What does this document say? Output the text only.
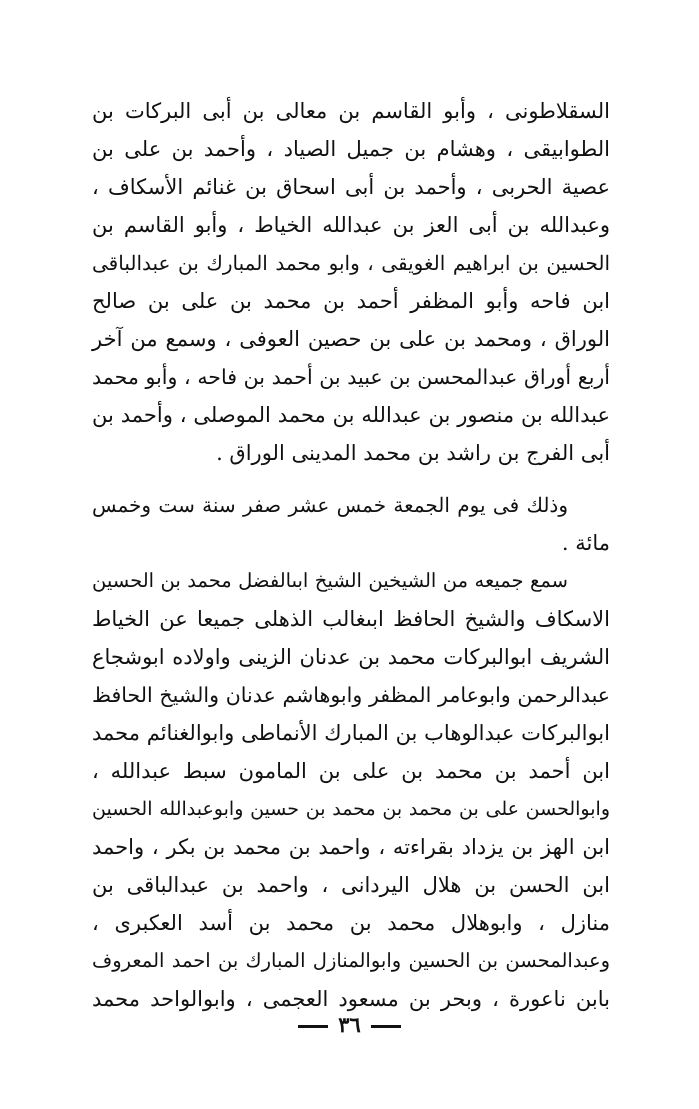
السقلاطونى ، وأبو القاسم بن معالى بن أبى البركات بن
الطوابيقى ، وهشام بن جميل الصياد ، وأحمد بن على بن
عصية الحربى ، وأحمد بن أبى اسحاق بن غنائم الأسكاف ،
وعبدالله بن أبى العز بن عبدالله الخياط ، وأبو القاسم بن
الحسين بن ابراهيم الغويقى ، وابو محمد المبارك بن عبدالباقى
ابن فاحه وأبو المظفر أحمد بن محمد بن على بن صالح
الوراق ، ومحمد بن على بن حصين العوفى ، وسمع من آخر
أربع أوراق عبدالمحسن بن عبيد بن أحمد بن فاحه ، وأبو محمد
عبدالله بن منصور بن عبدالله بن محمد الموصلى ، وأحمد بن
أبى الفرج بن راشد بن محمد المدينى الوراق .
وذلك فى يوم الجمعة خمس عشر صفر سنة ست وخمس
مائة .
سمع جميعه من الشيخين الشيخ ابىالفضل محمد بن الحسين
الاسكاف والشيخ الحافظ ابىغالب الذهلى جميعا عن الخياط
الشريف ابوالبركات محمد بن عدنان الزينى واولاده ابوشجاع
عبدالرحمن وابوعامر المظفر وابوهاشم عدنان والشيخ الحافظ
ابوالبركات عبدالوهاب بن المبارك الأنماطى وابوالغنائم محمد
ابن أحمد بن محمد بن على بن المامون سبط عبدالله ،
وابوالحسن على بن محمد بن محمد بن حسين وابوعبدالله الحسين
ابن الهز بن يزداد بقراءته ، واحمد بن محمد بن بكر ، واحمد
ابن الحسن بن هلال اليردانى ، واحمد بن عبدالباقى بن
منازل ، وابوهلال محمد بن محمد بن أسد العكبرى ،
وعبدالمحسن بن الحسين وابوالمنازل المبارك بن احمد المعروف
بابن ناعورة ، وبحر بن مسعود العجمى ، وابوالواحد محمد
٣٦
